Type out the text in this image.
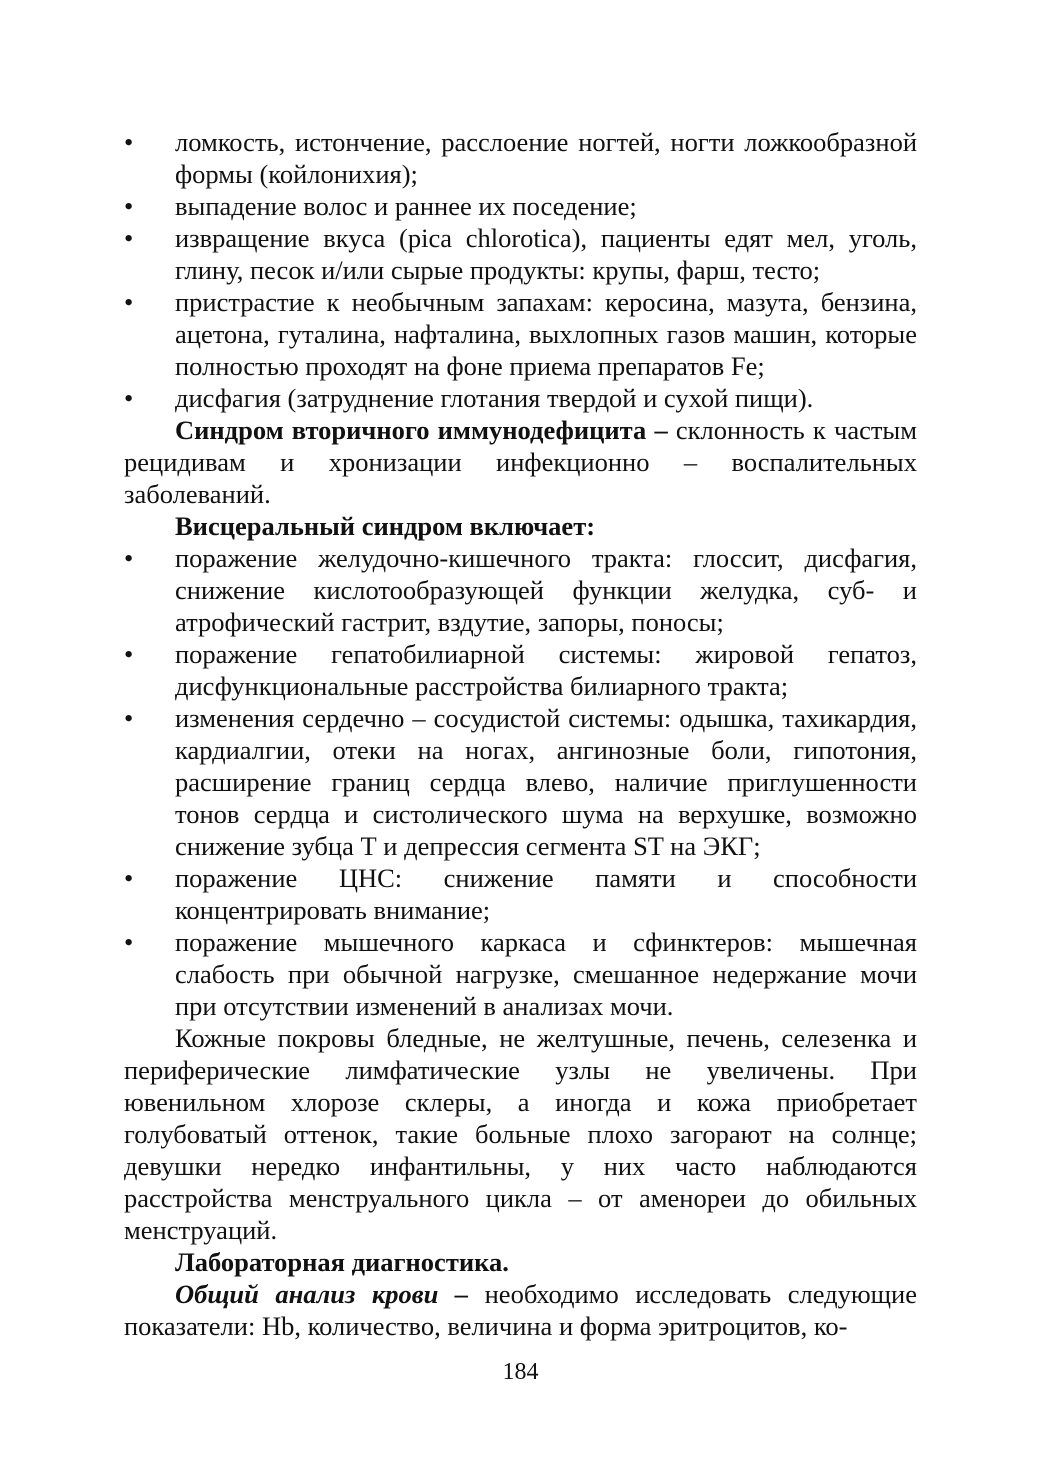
• ломкость, истончение, расслоение ногтей, ногти ложкообразной формы (койлонихия);
• выпадение волос и раннее их поседение;
• извращение вкуса (pica chlorotica), пациенты едят мел, уголь, глину, песок и/или сырые продукты: крупы, фарш, тесто;
• пристрастие к необычным запахам: керосина, мазута, бензина, ацетона, гуталина, нафталина, выхлопных газов машин, которые полностью проходят на фоне приема препаратов Fe;
• дисфагия (затруднение глотания твердой и сухой пищи).

Синдром вторичного иммунодефицита – склонность к частым рецидивам и хронизации инфекционно – воспалительных заболеваний.

Висцеральный синдром включает:

• поражение желудочно-кишечного тракта: глоссит, дисфагия, снижение кислотообразующей функции желудка, суб- и атрофический гастрит, вздутие, запоры, поносы;
• поражение гепатобилиарной системы: жировой гепатоз, дисфункциональные расстройства билиарного тракта;
• изменения сердечно – сосудистой системы: одышка, тахикардия, кардиалгии, отеки на ногах, ангинозные боли, гипотония, расширение границ сердца влево, наличие приглушенности тонов сердца и систолического шума на верхушке, возможно снижение зубца Т и депрессия сегмента ST на ЭКГ;
• поражение ЦНС: снижение памяти и способности концентрировать внимание;
• поражение мышечного каркаса и сфинктеров: мышечная слабость при обычной нагрузке, смешанное недержание мочи при отсутствии изменений в анализах мочи.

Кожные покровы бледные, не желтушные, печень, селезенка и периферические лимфатические узлы не увеличены. При ювенильном хлорозе склеры, а иногда и кожа приобретает голубоватый оттенок, такие больные плохо загорают на солнце; девушки нередко инфантильны, у них часто наблюдаются расстройства менструального цикла – от аменореи до обильных менструаций.

Лабораторная диагностика.

Общий анализ крови – необходимо исследовать следующие показатели: Hb, количество, величина и форма эритроцитов, ко-

184
